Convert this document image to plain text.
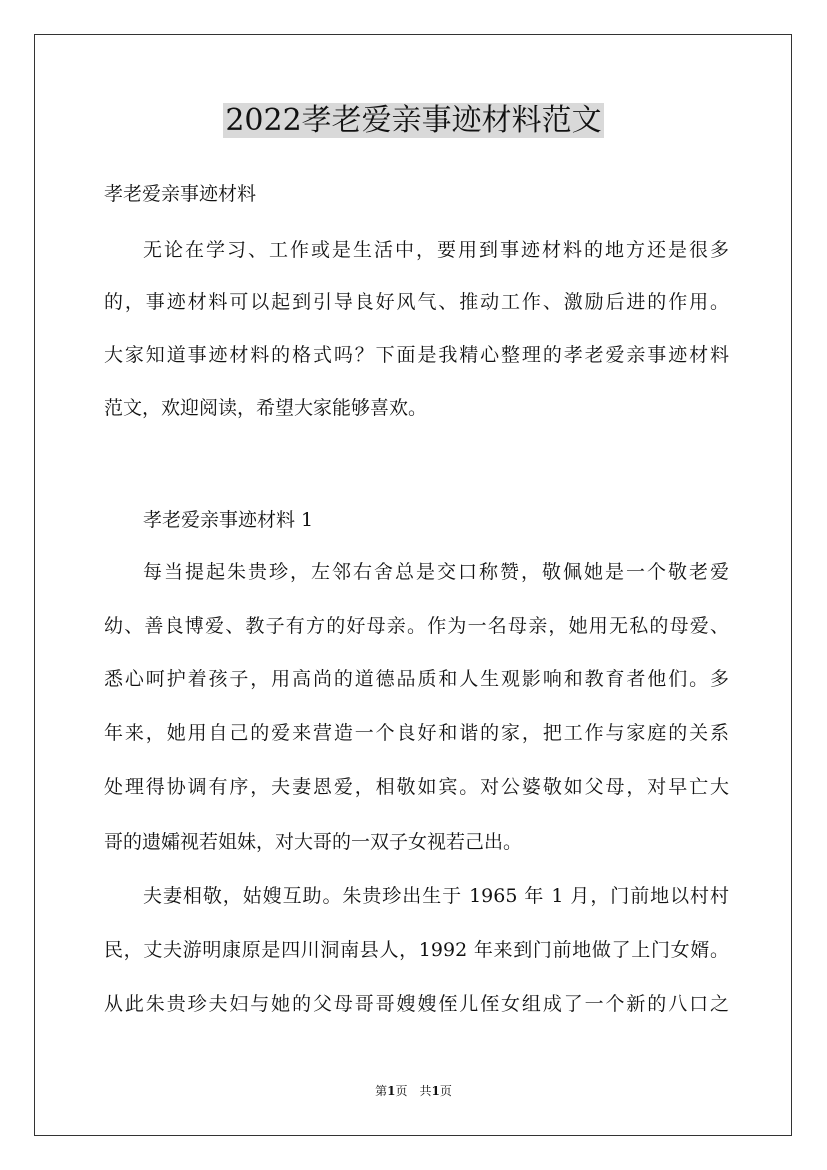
2022孝老爱亲事迹材料范文

孝老爱亲事迹材料

无论在学习、工作或是生活中，要用到事迹材料的地方还是很多

的，事迹材料可以起到引导良好风气、推动工作、激励后进的作用。

大家知道事迹材料的格式吗？下面是我精心整理的孝老爱亲事迹材料

范文，欢迎阅读，希望大家能够喜欢。

孝老爱亲事迹材料 1

每当提起朱贵珍，左邻右舍总是交口称赞，敬佩她是一个敬老爱

幼、善良博爱、教子有方的好母亲。作为一名母亲，她用无私的母爱、

悉心呵护着孩子，用高尚的道德品质和人生观影响和教育者他们。多

年来，她用自己的爱来营造一个良好和谐的家，把工作与家庭的关系

处理得协调有序，夫妻恩爱，相敬如宾。对公婆敬如父母，对早亡大

哥的遗孀视若姐妹，对大哥的一双子女视若己出。

夫妻相敬，姑嫂互助。朱贵珍出生于 1965 年 1 月，门前地以村村

民，丈夫游明康原是四川洞南县人，1992 年来到门前地做了上门女婿。

从此朱贵珍夫妇与她的父母哥哥嫂嫂侄儿侄女组成了一个新的八口之

第1页　共1页
